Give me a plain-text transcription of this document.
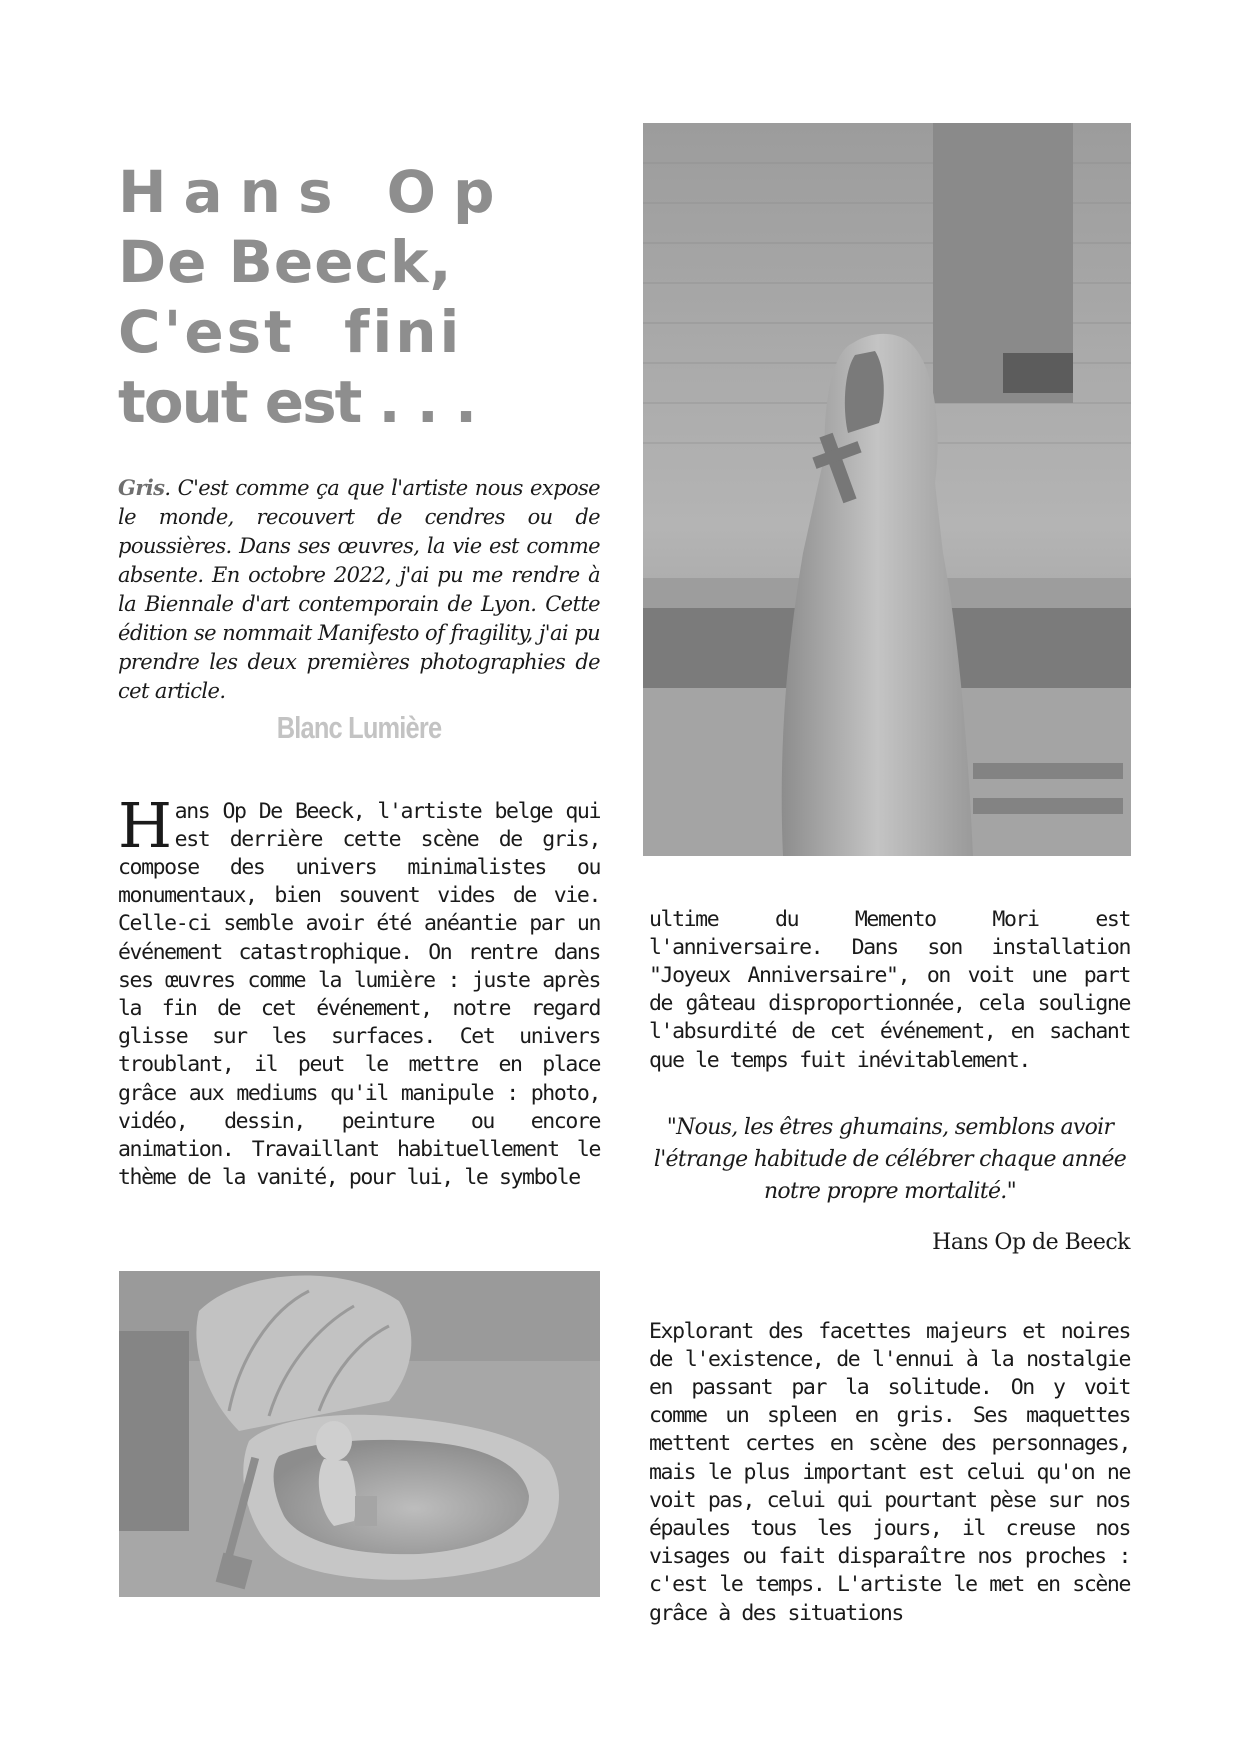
Hans Op
De Beeck,
C'est fini
tout est . . .

Gris. C'est comme ça que l'artiste nous expose le monde, recouvert de cendres ou de poussières. Dans ses œuvres, la vie est comme absente. En octobre 2022, j'ai pu me rendre à la Biennale d'art contemporain de Lyon. Cette édition se nommait Manifesto of fragility, j'ai pu prendre les deux premières photographies de cet article.

Blanc Lumière

Hans Op De Beeck, l'artiste belge qui est derrière cette scène de gris, compose des univers minimalistes ou monumentaux, bien souvent vides de vie. Celle-ci semble avoir été anéantie par un événement catastrophique. On rentre dans ses œuvres comme la lumière : juste après la fin de cet événement, notre regard glisse sur les surfaces. Cet univers troublant, il peut le mettre en place grâce aux mediums qu'il manipule : photo, vidéo, dessin, peinture ou encore animation. Travaillant habituellement le thème de la vanité, pour lui, le symbole

ultime du Memento Mori est l'anniversaire. Dans son installation "Joyeux Anniversaire", on voit une part de gâteau disproportionnée, cela souligne l'absurdité de cet événement, en sachant que le temps fuit inévitablement.

"Nous, les êtres ghumains, semblons avoir l'étrange habitude de célébrer chaque année notre propre mortalité."
Hans Op de Beeck

Explorant des facettes majeurs et noires de l'existence, de l'ennui à la nostalgie en passant par la solitude. On y voit comme un spleen en gris. Ses maquettes mettent certes en scène des personnages, mais le plus important est celui qu'on ne voit pas, celui qui pourtant pèse sur nos épaules tous les jours, il creuse nos visages ou fait disparaître nos proches : c'est le temps. L'artiste le met en scène grâce à des situations
